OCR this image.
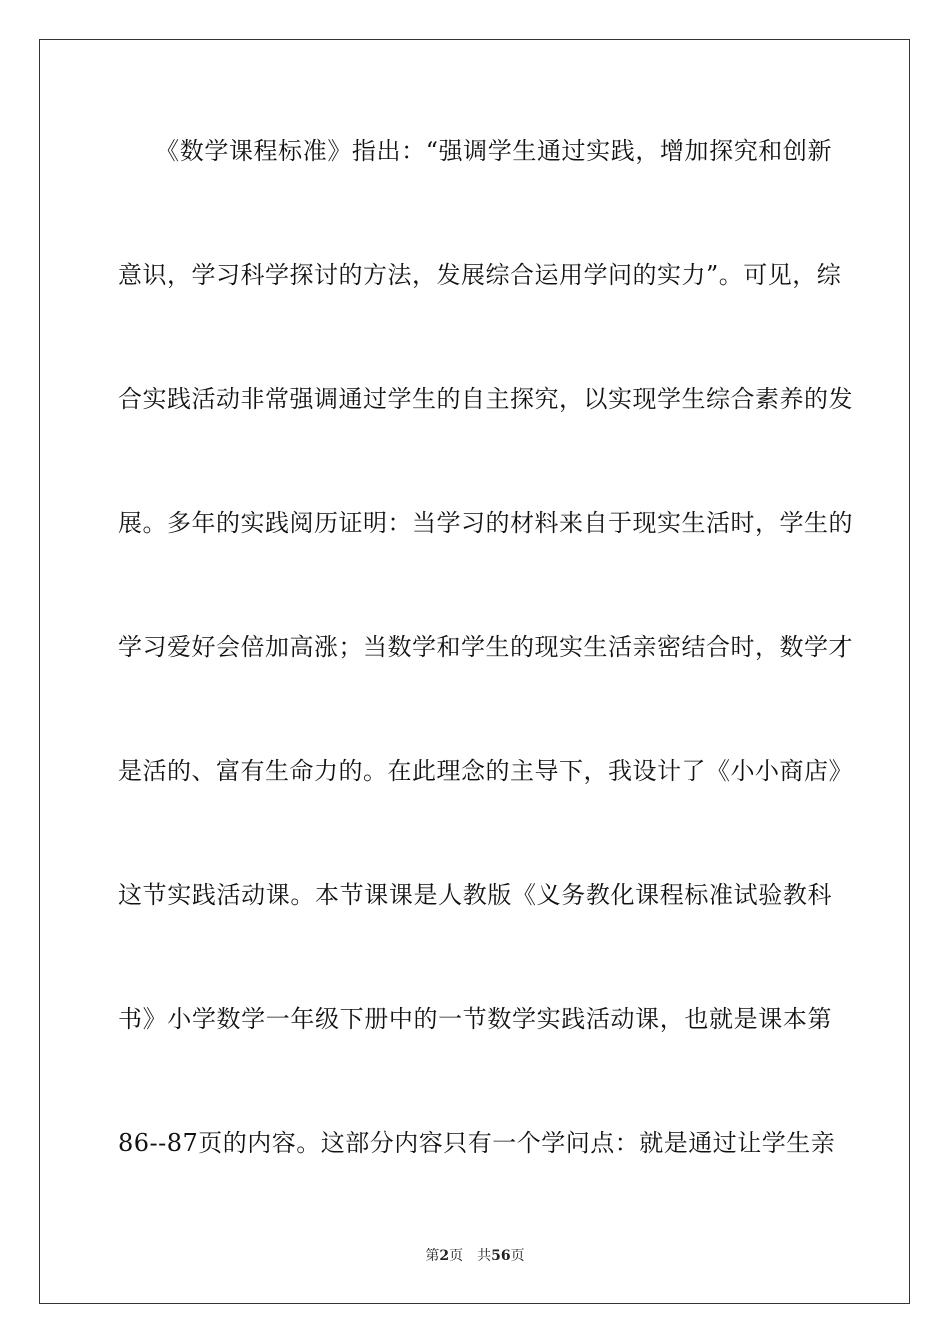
　　《数学课程标准》指出：“强调学生通过实践，增加探究和创新
意识，学习科学探讨的方法，发展综合运用学问的实力”。可见，综
合实践活动非常强调通过学生的自主探究，以实现学生综合素养的发
展。多年的实践阅历证明：当学习的材料来自于现实生活时，学生的
学习爱好会倍加高涨；当数学和学生的现实生活亲密结合时，数学才
是活的、富有生命力的。在此理念的主导下，我设计了《小小商店》
这节实践活动课。本节课课是人教版《义务教化课程标准试验教科
书》小学数学一年级下册中的一节数学实践活动课，也就是课本第
86--87页的内容。这部分内容只有一个学问点：就是通过让学生亲
第2页 共56页
